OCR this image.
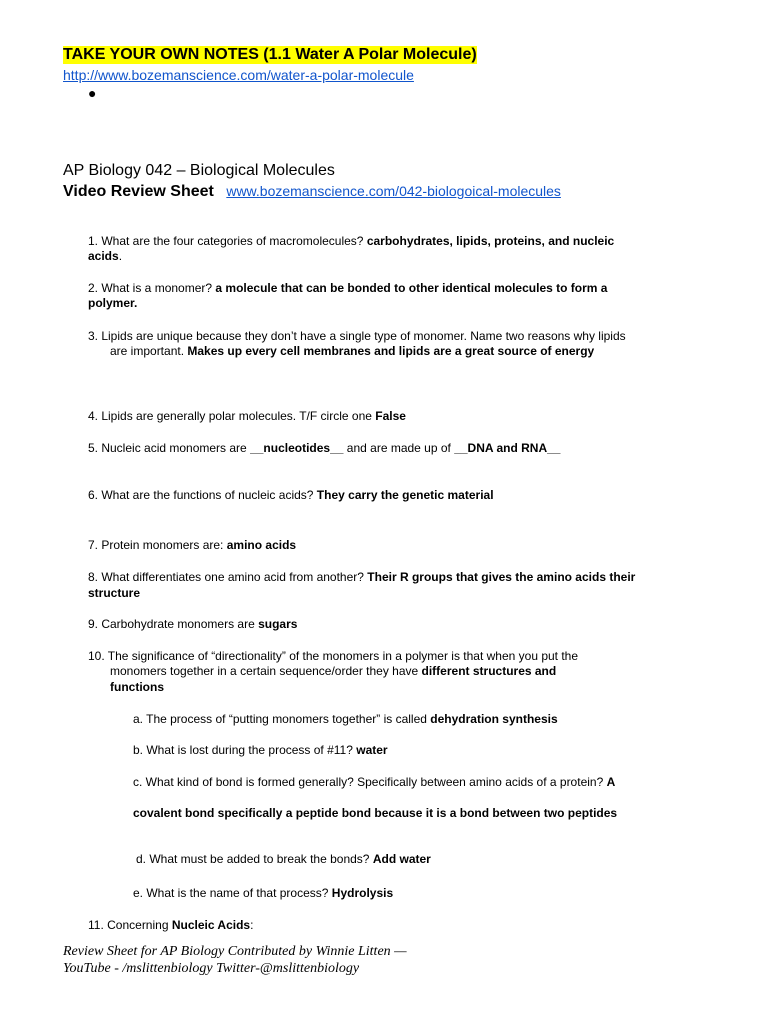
TAKE YOUR OWN NOTES (1.1 Water A Polar Molecule)
http://www.bozemanscience.com/water-a-polar-molecule
●
AP Biology 042 – Biological Molecules
Video Review Sheet www.bozemanscience.com/042-biologoical-molecules
1. What are the four categories of macromolecules? carbohydrates, lipids, proteins, and nucleic
acids.
2. What is a monomer? a molecule that can be bonded to other identical molecules to form a
polymer.
3. Lipids are unique because they don’t have a single type of monomer. Name two reasons why lipids
are important. Makes up every cell membranes and lipids are a great source of energy
4. Lipids are generally polar molecules. T/F circle one False
5. Nucleic acid monomers are __nucleotides__ and are made up of __DNA and RNA__
6. What are the functions of nucleic acids? They carry the genetic material
7. Protein monomers are: amino acids
8. What differentiates one amino acid from another? Their R groups that gives the amino acids their
structure
9. Carbohydrate monomers are sugars
10. The significance of “directionality” of the monomers in a polymer is that when you put the
monomers together in a certain sequence/order they have different structures and
functions
a. The process of “putting monomers together” is called dehydration synthesis
b. What is lost during the process of #11? water
c. What kind of bond is formed generally? Specifically between amino acids of a protein? A
covalent bond specifically a peptide bond because it is a bond between two peptides
d. What must be added to break the bonds? Add water
e. What is the name of that process? Hydrolysis
11. Concerning Nucleic Acids:
Review Sheet for AP Biology Contributed by Winnie Litten —
YouTube - /mslittenbiology Twitter-@mslittenbiology
